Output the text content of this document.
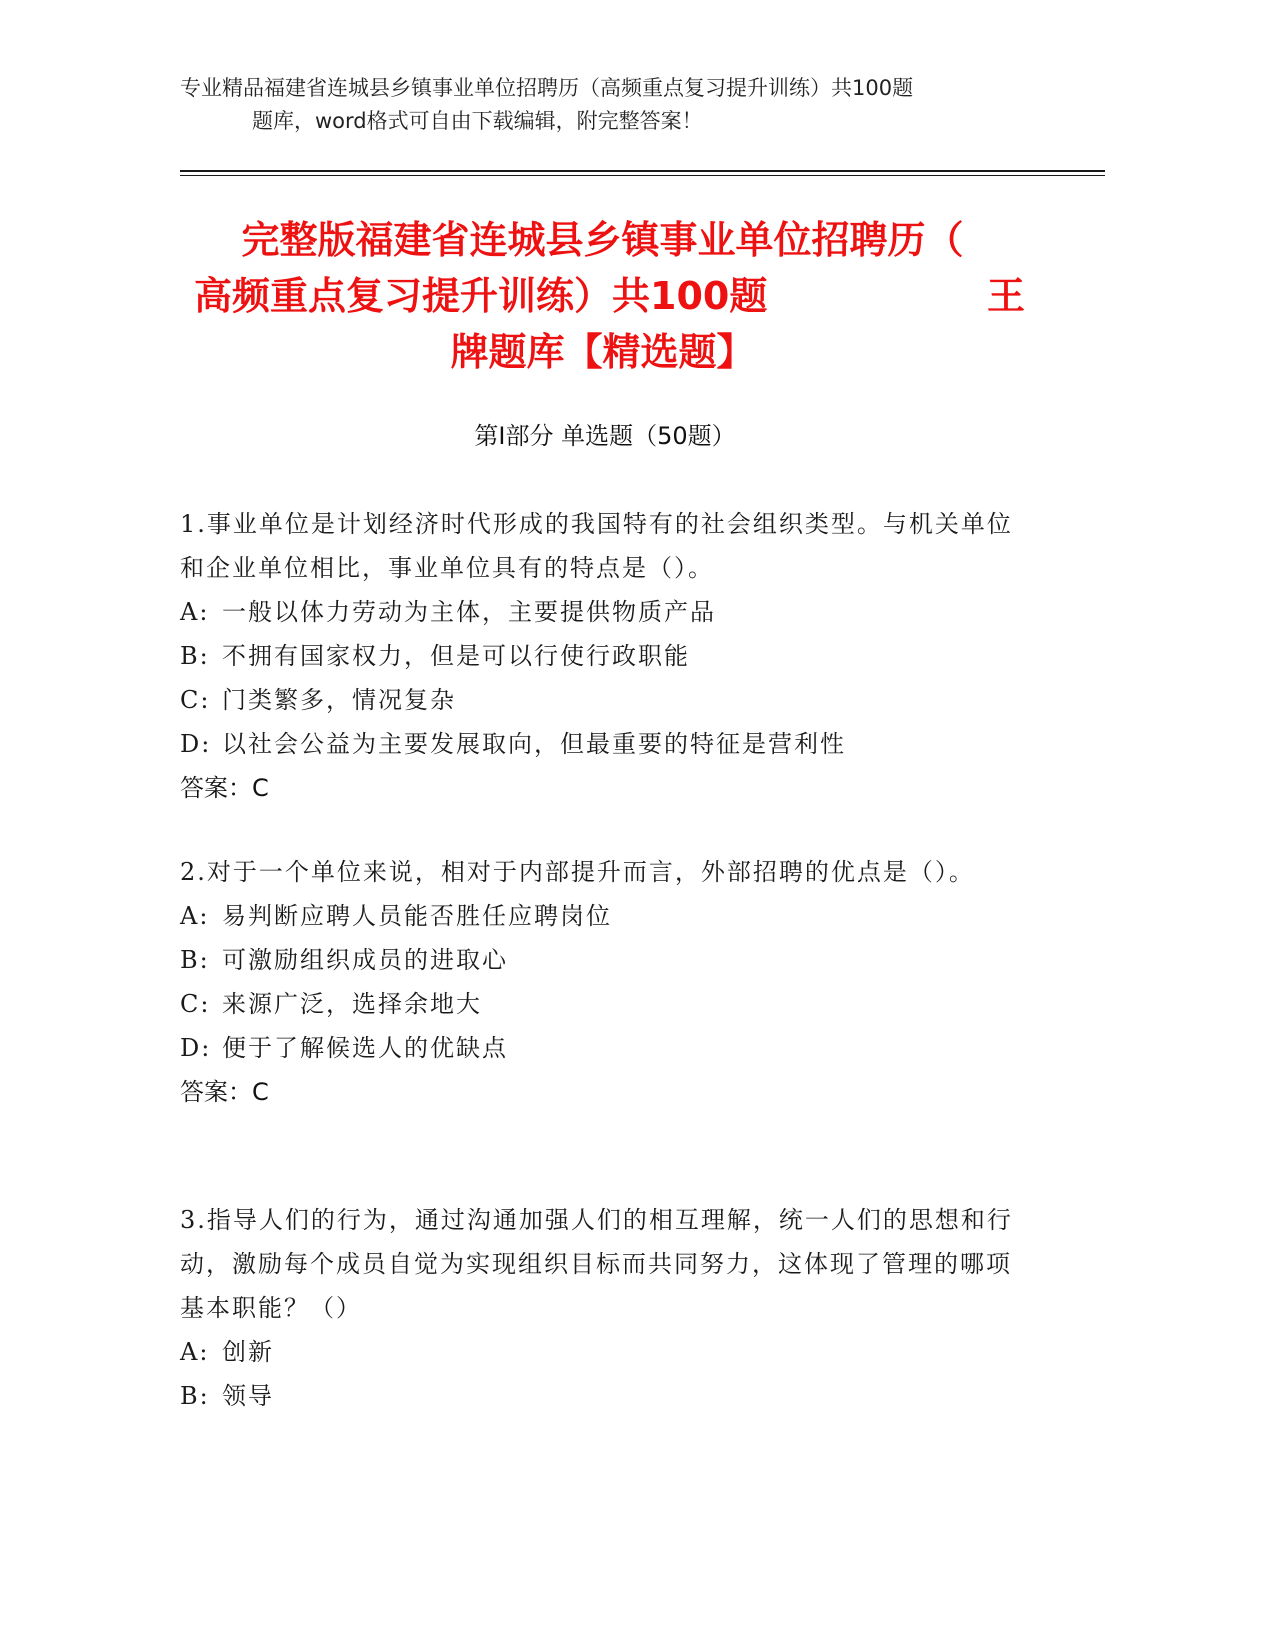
专业精品福建省连城县乡镇事业单位招聘历（高频重点复习提升训练）共100题
题库，word格式可自由下载编辑，附完整答案！
完整版福建省连城县乡镇事业单位招聘历（
高频重点复习提升训练）共100题	王
牌题库【精选题】
第Ⅰ部分 单选题（50题）
1.事业单位是计划经济时代形成的我国特有的社会组织类型。与机关单位和企业单位相比，事业单位具有的特点是（）。
A: 一般以体力劳动为主体，主要提供物质产品
B: 不拥有国家权力，但是可以行使行政职能
C: 门类繁多，情况复杂
D: 以社会公益为主要发展取向，但最重要的特征是营利性
答案：C
2.对于一个单位来说，相对于内部提升而言，外部招聘的优点是（）。
A: 易判断应聘人员能否胜任应聘岗位
B: 可激励组织成员的进取心
C: 来源广泛，选择余地大
D: 便于了解候选人的优缺点
答案：C
3.指导人们的行为，通过沟通加强人们的相互理解，统一人们的思想和行动，激励每个成员自觉为实现组织目标而共同努力，这体现了管理的哪项基本职能？（）
A: 创新
B: 领导
